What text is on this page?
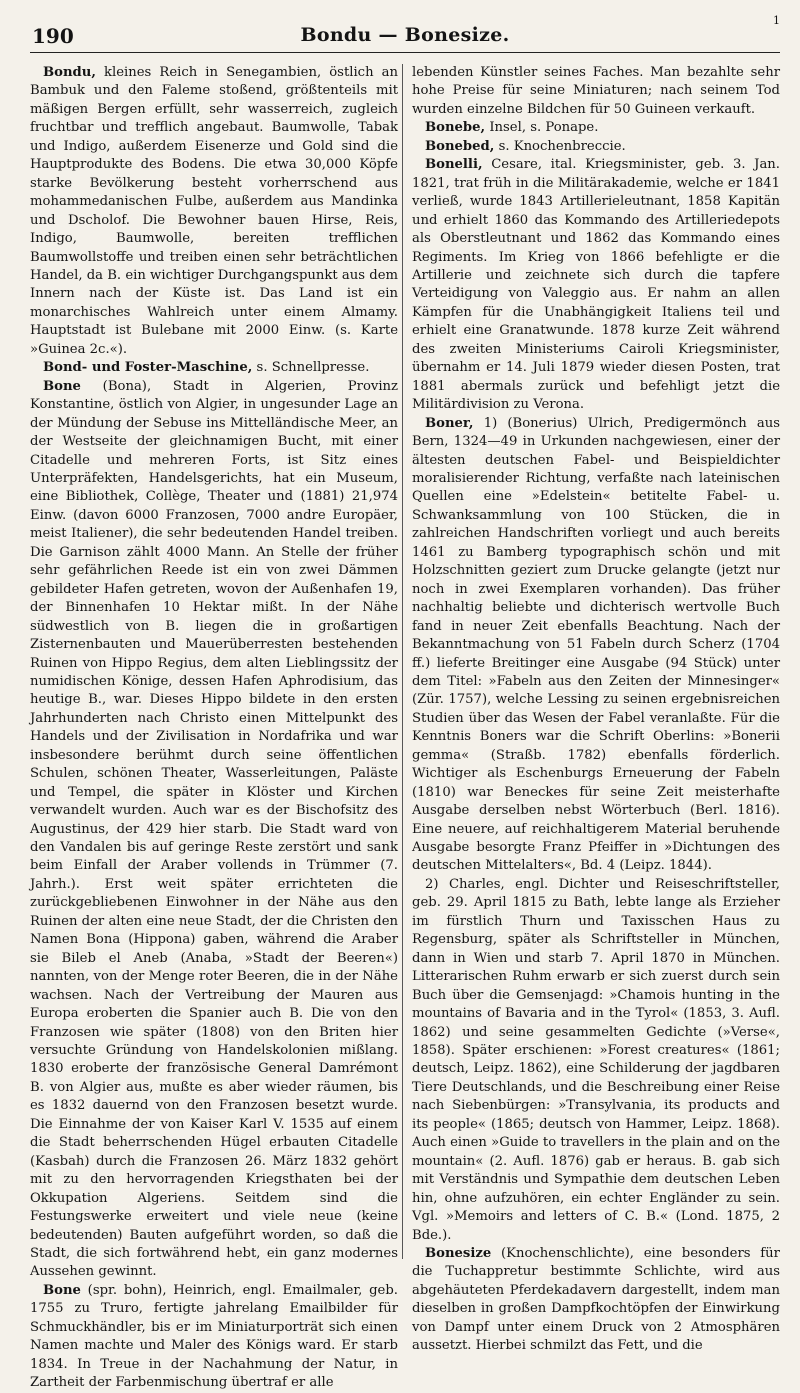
190	Bondu — Bonesize.
1

Bondu, kleines Reich in Senegambien, östlich an Bambuk und den Faleme stoßend, größtenteils mit mäßigen Bergen erfüllt, sehr wasserreich, zugleich fruchtbar und trefflich angebaut. Baumwolle, Tabak und Indigo, außerdem Eisenerze und Gold sind die Hauptprodukte des Bodens. Die etwa 30,000 Köpfe starke Bevölkerung besteht vorherrschend aus mohammedanischen Fulbe, außerdem aus Mandinka und Dscholof. Die Bewohner bauen Hirse, Reis, Indigo, Baumwolle, bereiten trefflichen Baumwollstoffe und treiben einen sehr beträchtlichen Handel, da B. ein wichtiger Durchgangspunkt aus dem Innern nach der Küste ist. Das Land ist ein monarchisches Wahlreich unter einem Almamy. Hauptstadt ist Bulebane mit 2000 Einw. (s. Karte »Guinea 2c.«).

Bond- und Foster-Maschine, s. Schnellpresse.

Bone (Bona), Stadt in Algerien, Provinz Konstantine, östlich von Algier, in ungesunder Lage an der Mündung der Sebuse ins Mittelländische Meer, an der Westseite der gleichnamigen Bucht, mit einer Citadelle und mehreren Forts, ist Sitz eines Unterpräfekten, Handelsgerichts, hat ein Museum, eine Bibliothek, Collège, Theater und (1881) 21,974 Einw. (davon 6000 Franzosen, 7000 andre Europäer, meist Italiener), die sehr bedeutenden Handel treiben. Die Garnison zählt 4000 Mann. An Stelle der früher sehr gefährlichen Reede ist ein von zwei Dämmen gebildeter Hafen getreten, wovon der Außenhafen 19, der Binnenhafen 10 Hektar mißt. In der Nähe südwestlich von B. liegen die in großartigen Zisternenbauten und Mauerüberresten bestehenden Ruinen von Hippo Regius, dem alten Lieblingssitz der numidischen Könige, dessen Hafen Aphrodisium, das heutige B., war. Dieses Hippo bildete in den ersten Jahrhunderten nach Christo einen Mittelpunkt des Handels und der Zivilisation in Nordafrika und war insbesondere berühmt durch seine öffentlichen Schulen, schönen Theater, Wasserleitungen, Paläste und Tempel, die später in Klöster und Kirchen verwandelt wurden. Auch war es der Bischofsitz des Augustinus, der 429 hier starb. Die Stadt ward von den Vandalen bis auf geringe Reste zerstört und sank beim Einfall der Araber vollends in Trümmer (7. Jahrh.). Erst weit später errichteten die zurückgebliebenen Einwohner in der Nähe aus den Ruinen der alten eine neue Stadt, der die Christen den Namen Bona (Hippona) gaben, während die Araber sie Bileb el Aneb (Anaba, »Stadt der Beeren«) nannten, von der Menge roter Beeren, die in der Nähe wachsen. Nach der Vertreibung der Mauren aus Europa eroberten die Spanier auch B. Die von den Franzosen wie später (1808) von den Briten hier versuchte Gründung von Handelskolonien mißlang. 1830 eroberte der französische General Damrémont B. von Algier aus, mußte es aber wieder räumen, bis es 1832 dauernd von den Franzosen besetzt wurde. Die Einnahme der von Kaiser Karl V. 1535 auf einem die Stadt beherrschenden Hügel erbauten Citadelle (Kasbah) durch die Franzosen 26. März 1832 gehört mit zu den hervorragenden Kriegsthaten bei der Okkupation Algeriens. Seitdem sind die Festungswerke erweitert und viele neue (keine bedeutenden) Bauten aufgeführt worden, so daß die Stadt, die sich fortwährend hebt, ein ganz modernes Aussehen gewinnt.

Bone (spr. bohn), Heinrich, engl. Emailmaler, geb. 1755 zu Truro, fertigte jahrelang Emailbilder für Schmuckhändler, bis er im Miniaturporträt sich einen Namen machte und Maler des Königs ward. Er starb 1834. In Treue in der Nachahmung der Natur, in Zartheit der Farbenmischung übertraf er alle

lebenden Künstler seines Faches. Man bezahlte sehr hohe Preise für seine Miniaturen; nach seinem Tod wurden einzelne Bildchen für 50 Guineen verkauft.

Bonebe, Insel, s. Ponape.

Bonebed, s. Knochenbreccie.

Bonelli, Cesare, ital. Kriegsminister, geb. 3. Jan. 1821, trat früh in die Militärakademie, welche er 1841 verließ, wurde 1843 Artillerieleutnant, 1858 Kapitän und erhielt 1860 das Kommando des Artilleriedepots als Oberstleutnant und 1862 das Kommando eines Regiments. Im Krieg von 1866 befehligte er die Artillerie und zeichnete sich durch die tapfere Verteidigung von Valeggio aus. Er nahm an allen Kämpfen für die Unabhängigkeit Italiens teil und erhielt eine Granatwunde. 1878 kurze Zeit während des zweiten Ministeriums Cairoli Kriegsminister, übernahm er 14. Juli 1879 wieder diesen Posten, trat 1881 abermals zurück und befehligt jetzt die Militärdivision zu Verona.

Boner, 1) (Bonerius) Ulrich, Predigermönch aus Bern, 1324—49 in Urkunden nachgewiesen, einer der ältesten deutschen Fabel- und Beispieldichter moralisierender Richtung, verfaßte nach lateinischen Quellen eine »Edelstein« betitelte Fabel- u. Schwanksammlung von 100 Stücken, die in zahlreichen Handschriften vorliegt und auch bereits 1461 zu Bamberg typographisch schön und mit Holzschnitten geziert zum Drucke gelangte (jetzt nur noch in zwei Exemplaren vorhanden). Das früher nachhaltig beliebte und dichterisch wertvolle Buch fand in neuer Zeit ebenfalls Beachtung. Nach der Bekanntmachung von 51 Fabeln durch Scherz (1704 ff.) lieferte Breitinger eine Ausgabe (94 Stück) unter dem Titel: »Fabeln aus den Zeiten der Minnesinger« (Zür. 1757), welche Lessing zu seinen ergebnisreichen Studien über das Wesen der Fabel veranlaßte. Für die Kenntnis Boners war die Schrift Oberlins: »Bonerii gemma« (Straßb. 1782) ebenfalls förderlich. Wichtiger als Eschenburgs Erneuerung der Fabeln (1810) war Beneckes für seine Zeit meisterhafte Ausgabe derselben nebst Wörterbuch (Berl. 1816). Eine neuere, auf reichhaltigerem Material beruhende Ausgabe besorgte Franz Pfeiffer in »Dichtungen des deutschen Mittelalters«, Bd. 4 (Leipz. 1844).

2) Charles, engl. Dichter und Reiseschriftsteller, geb. 29. April 1815 zu Bath, lebte lange als Erzieher im fürstlich Thurn und Taxisschen Haus zu Regensburg, später als Schriftsteller in München, dann in Wien und starb 7. April 1870 in München. Litterarischen Ruhm erwarb er sich zuerst durch sein Buch über die Gemsenjagd: »Chamois hunting in the mountains of Bavaria and in the Tyrol« (1853, 3. Aufl. 1862) und seine gesammelten Gedichte (»Verse«, 1858). Später erschienen: »Forest creatures« (1861; deutsch, Leipz. 1862), eine Schilderung der jagdbaren Tiere Deutschlands, und die Beschreibung einer Reise nach Siebenbürgen: »Transylvania, its products and its people« (1865; deutsch von Hammer, Leipz. 1868). Auch einen »Guide to travellers in the plain and on the mountain« (2. Aufl. 1876) gab er heraus. B. gab sich mit Verständnis und Sympathie dem deutschen Leben hin, ohne aufzuhören, ein echter Engländer zu sein. Vgl. »Memoirs and letters of C. B.« (Lond. 1875, 2 Bde.).

Bonesize (Knochenschlichte), eine besonders für die Tuchappretur bestimmte Schlichte, wird aus abgehäuteten Pferdekadavern dargestellt, indem man dieselben in großen Dampfkochtöpfen der Einwirkung von Dampf unter einem Druck von 2 Atmosphären aussetzt. Hierbei schmilzt das Fett, und die
